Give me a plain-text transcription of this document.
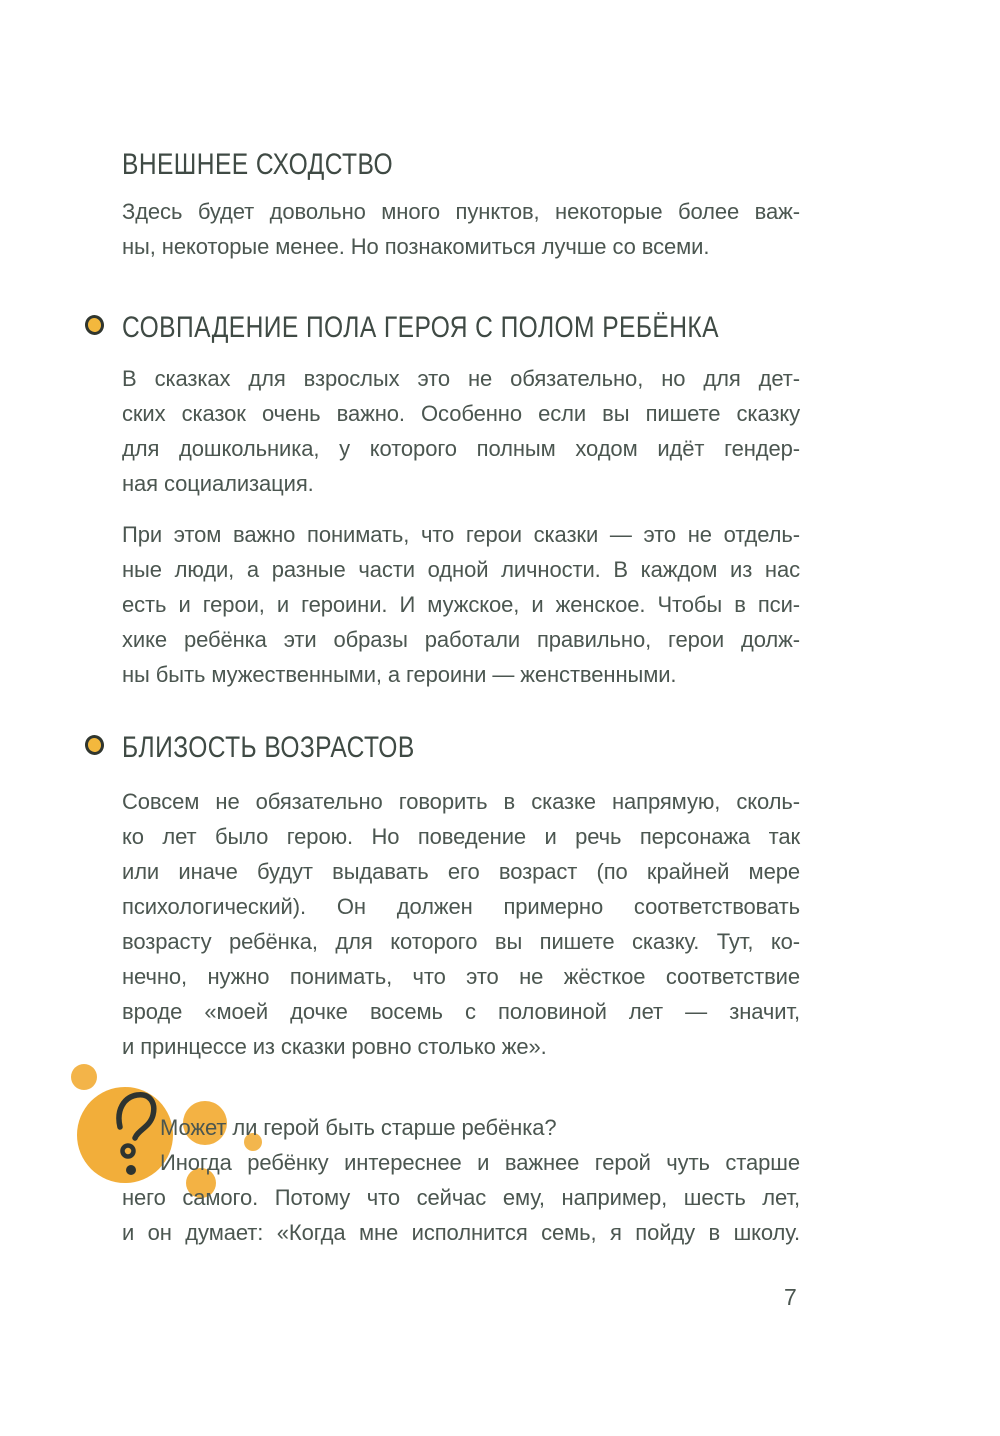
ВНЕШНЕЕ СХОДСТВО
Здесь будет довольно много пунктов, некоторые более важ-
ны, некоторые менее. Но познакомиться лучше со всеми.
СОВПАДЕНИЕ ПОЛА ГЕРОЯ С ПОЛОМ РЕБЁНКА
В сказках для взрослых это не обязательно, но для дет-
ских сказок очень важно. Особенно если вы пишете сказку
для дошкольника, у которого полным ходом идёт гендер-
ная социализация.
При этом важно понимать, что герои сказки — это не отдель-
ные люди, а разные части одной личности. В каждом из нас
есть и герои, и героини. И мужское, и женское. Чтобы в пси-
хике ребёнка эти образы работали правильно, герои долж-
ны быть мужественными, а героини — женственными.
БЛИЗОСТЬ ВОЗРАСТОВ
Совсем не обязательно говорить в сказке напрямую, сколь-
ко лет было герою. Но поведение и речь персонажа так
или иначе будут выдавать его возраст (по крайней мере
психологический). Он должен примерно соответствовать
возрасту ребёнка, для которого вы пишете сказку. Тут, ко-
нечно, нужно понимать, что это не жёсткое соответствие
вроде «моей дочке восемь с половиной лет — значит,
и принцессе из сказки ровно столько же».
Может ли герой быть старше ребёнка?
Иногда ребёнку интереснее и важнее герой чуть старше
него самого. Потому что сейчас ему, например, шесть лет,
и он думает: «Когда мне исполнится семь, я пойду в школу.
7
